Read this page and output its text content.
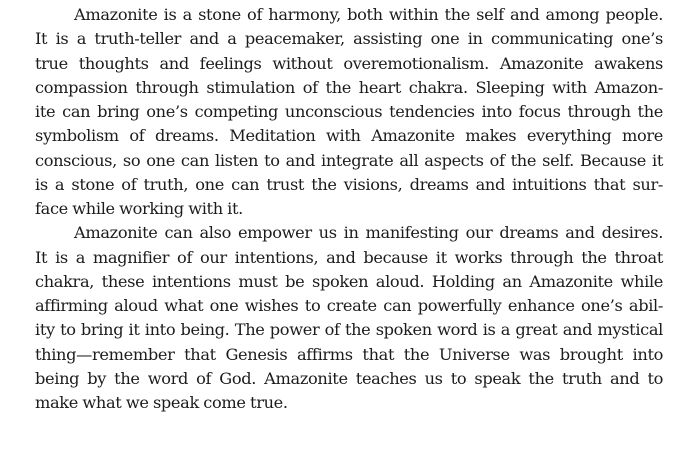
Amazonite is a stone of harmony, both within the self and among people.
It is a truth-teller and a peacemaker, assisting one in communicating one’s
true thoughts and feelings without overemotionalism. Amazonite awakens
compassion through stimulation of the heart chakra. Sleeping with Amazon-
ite can bring one’s competing unconscious tendencies into focus through the
symbolism of dreams. Meditation with Amazonite makes everything more
conscious, so one can listen to and integrate all aspects of the self. Because it
is a stone of truth, one can trust the visions, dreams and intuitions that sur-
face while working with it.
Amazonite can also empower us in manifesting our dreams and desires.
It is a magnifier of our intentions, and because it works through the throat
chakra, these intentions must be spoken aloud. Holding an Amazonite while
affirming aloud what one wishes to create can powerfully enhance one’s abil-
ity to bring it into being. The power of the spoken word is a great and mystical
thing—remember that Genesis affirms that the Universe was brought into
being by the word of God. Amazonite teaches us to speak the truth and to
make what we speak come true.
